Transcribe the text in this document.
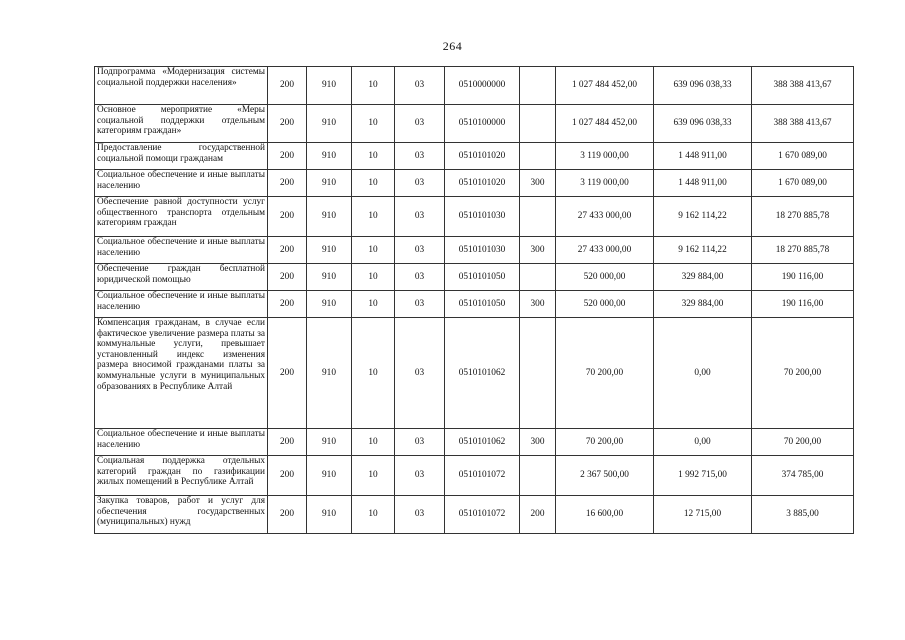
264
Подпрограмма «Модернизация системы социальной поддержки населения»	200	910	10	03	0510000000		1 027 484 452,00	639 096 038,33	388 388 413,67
Основное мероприятие «Меры социальной поддержки отдельным категориям граждан»	200	910	10	03	0510100000		1 027 484 452,00	639 096 038,33	388 388 413,67
Предоставление государственной социальной помощи гражданам	200	910	10	03	0510101020		3 119 000,00	1 448 911,00	1 670 089,00
Социальное обеспечение и иные выплаты населению	200	910	10	03	0510101020	300	3 119 000,00	1 448 911,00	1 670 089,00
Обеспечение равной доступности услуг общественного транспорта отдельным категориям граждан	200	910	10	03	0510101030		27 433 000,00	9 162 114,22	18 270 885,78
Социальное обеспечение и иные выплаты населению	200	910	10	03	0510101030	300	27 433 000,00	9 162 114,22	18 270 885,78
Обеспечение граждан бесплатной юридической помощью	200	910	10	03	0510101050		520 000,00	329 884,00	190 116,00
Социальное обеспечение и иные выплаты населению	200	910	10	03	0510101050	300	520 000,00	329 884,00	190 116,00
Компенсация гражданам, в случае если фактическое увеличение размера платы за коммунальные услуги, превышает установленный индекс изменения размера вносимой гражданами платы за коммунальные услуги в муниципальных образованиях в Республике Алтай	200	910	10	03	0510101062		70 200,00	0,00	70 200,00
Социальное обеспечение и иные выплаты населению	200	910	10	03	0510101062	300	70 200,00	0,00	70 200,00
Социальная поддержка отдельных категорий граждан по газификации жилых помещений в Республике Алтай	200	910	10	03	0510101072		2 367 500,00	1 992 715,00	374 785,00
Закупка товаров, работ и услуг для обеспечения государственных (муниципальных) нужд	200	910	10	03	0510101072	200	16 600,00	12 715,00	3 885,00
